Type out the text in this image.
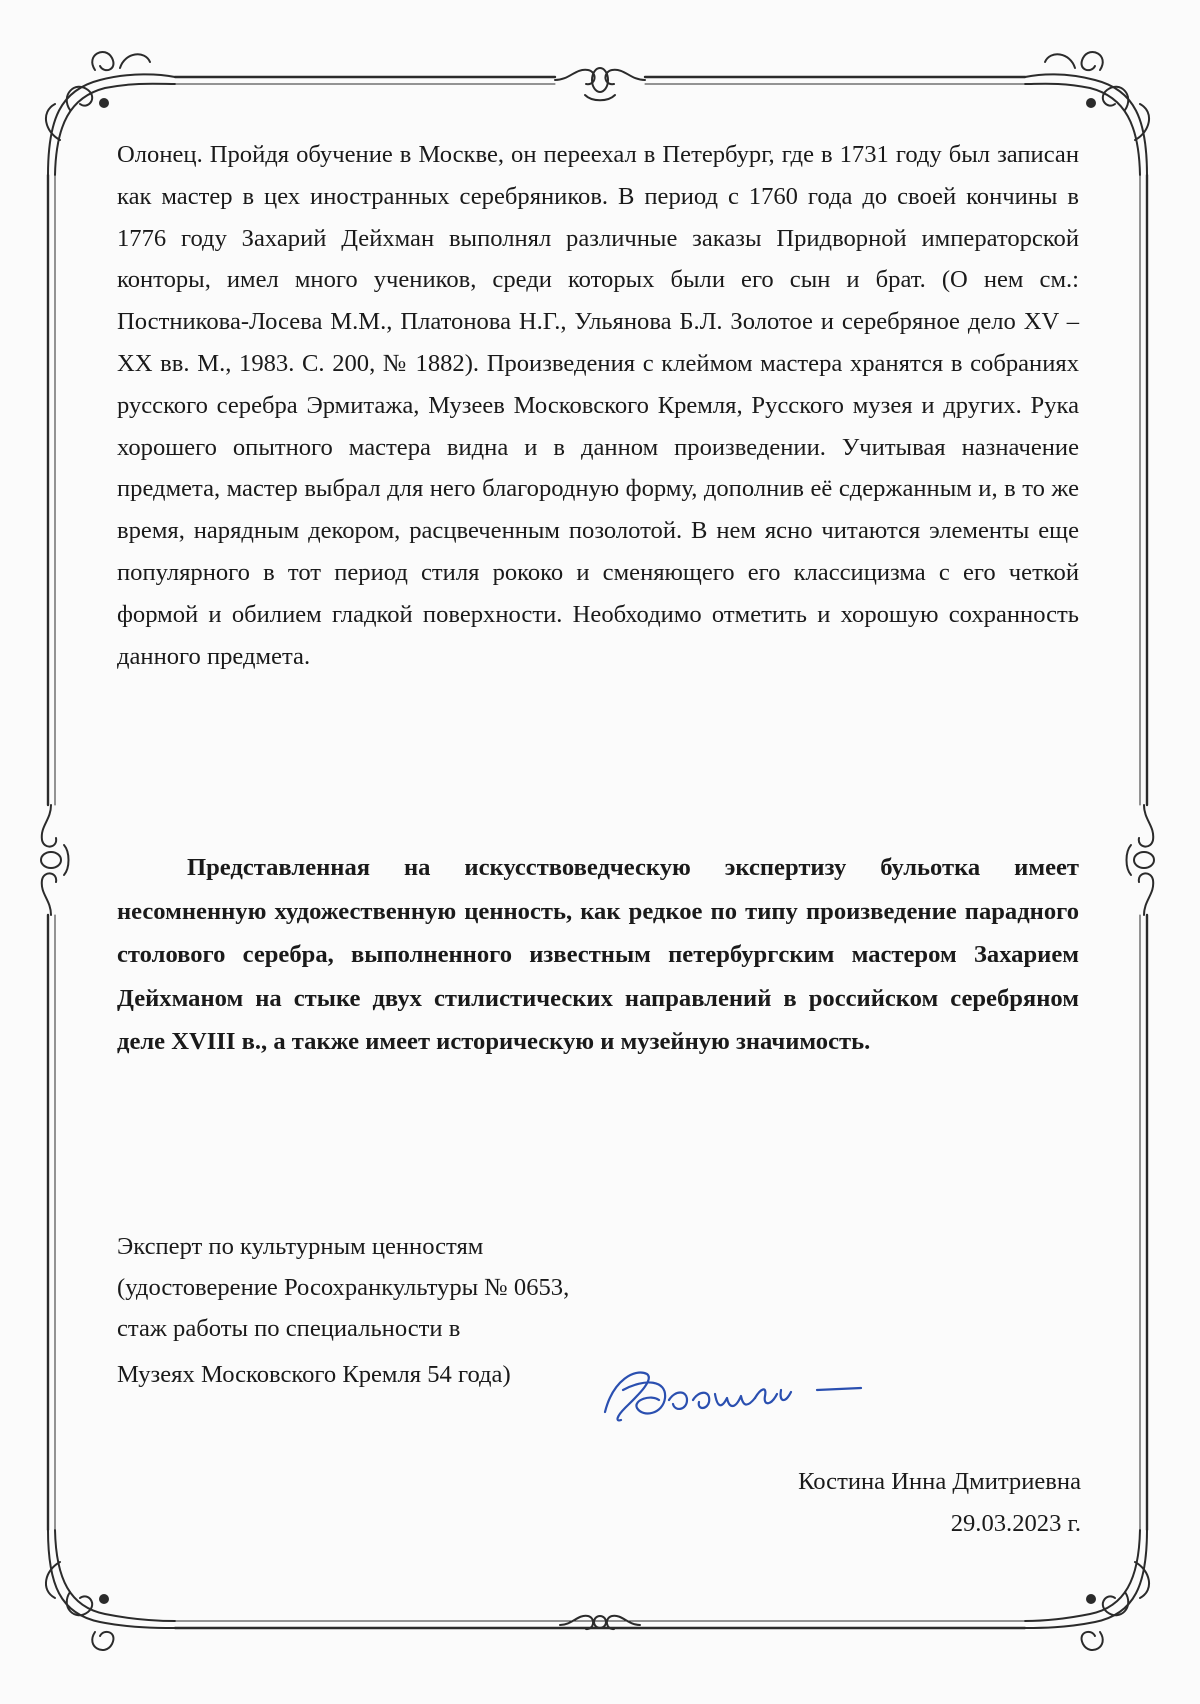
Олонец. Пройдя обучение в Москве, он переехал в Петербург, где в 1731 году был записан как мастер в цех иностранных серебряников. В период с 1760 года до своей кончины в 1776 году Захарий Дейхман выполнял различные заказы Придворной императорской конторы, имел много учеников, среди которых были его сын и брат. (О нем см.: Постникова-Лосева М.М., Платонова Н.Г., Ульянова Б.Л. Золотое и серебряное дело XV –XX вв. М., 1983. С. 200, № 1882). Произведения с клеймом мастера хранятся в собраниях русского серебра Эрмитажа, Музеев Московского Кремля, Русского музея и других. Рука хорошего опытного мастера видна и в данном произведении. Учитывая назначение предмета, мастер выбрал для него благородную форму, дополнив её сдержанным и, в то же время, нарядным декором, расцвеченным позолотой. В нем ясно читаются элементы еще популярного в тот период стиля рококо и сменяющего его классицизма с его четкой формой и обилием гладкой поверхности. Необходимо отметить и хорошую сохранность данного предмета.

Представленная на искусствоведческую экспертизу бульотка имеет несомненную художественную ценность, как редкое по типу произведение парадного столового серебра, выполненного известным петербургским мастером Захарием Дейхманом на стыке двух стилистических направлений в российском серебряном деле XVIII в., а также имеет историческую и музейную значимость.

Эксперт по культурным ценностям

(удостоверение Росохранкультуры № 0653,

стаж работы по специальности в

Музеях Московского Кремля 54 года)

Костина Инна Дмитриевна

29.03.2023 г.
